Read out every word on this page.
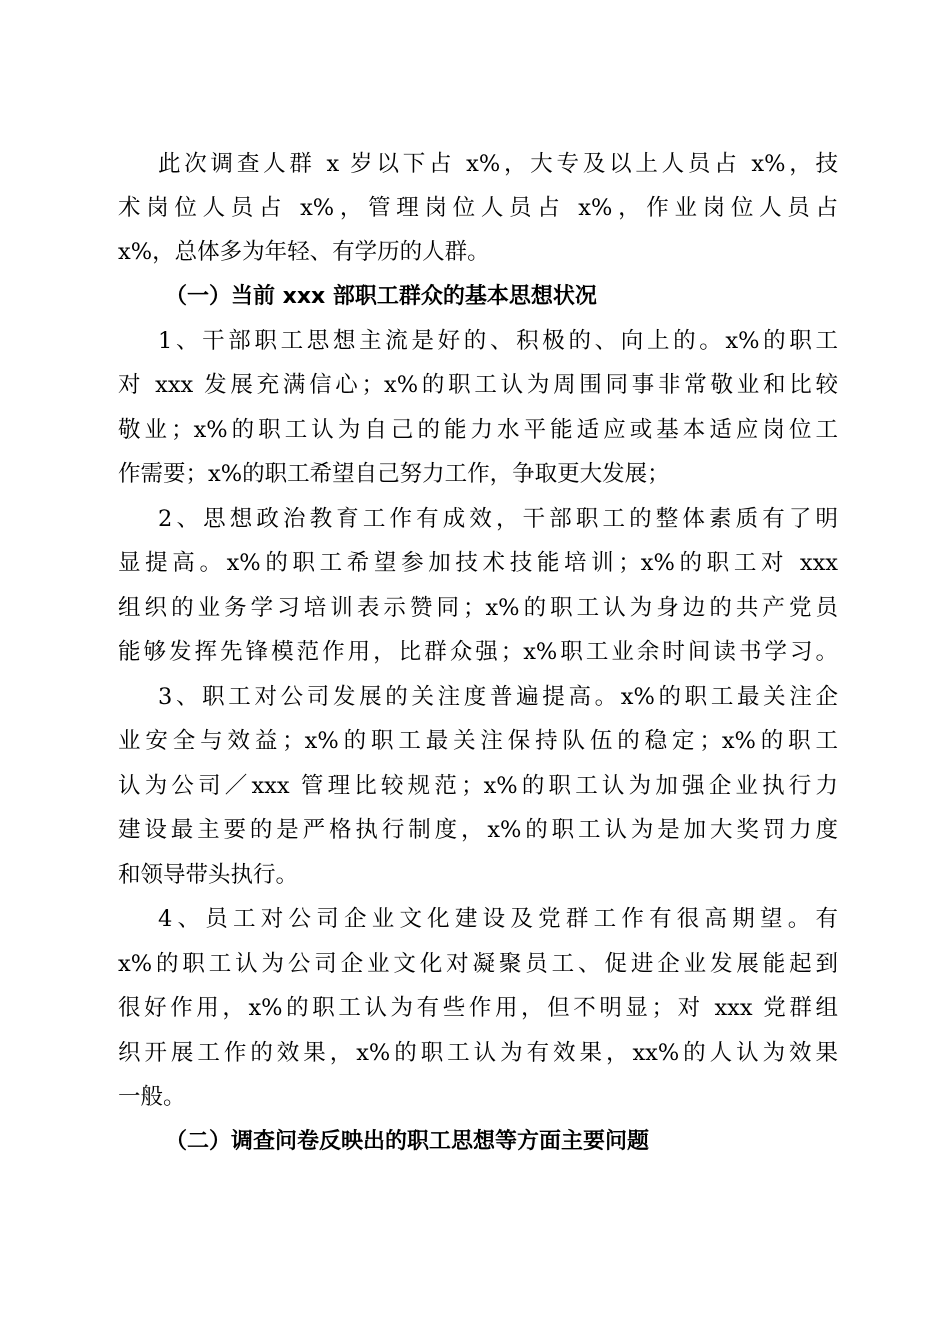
此次调查人群 x 岁以下占 x%，大专及以上人员占 x%，技
术岗位人员占 x%，管理岗位人员占 x%，作业岗位人员占
x%，总体多为年轻、有学历的人群。
（一）当前 xxx 部职工群众的基本思想状况
1、干部职工思想主流是好的、积极的、向上的。x%的职工
对 xxx 发展充满信心；x%的职工认为周围同事非常敬业和比较
敬业；x%的职工认为自己的能力水平能适应或基本适应岗位工
作需要；x%的职工希望自己努力工作，争取更大发展；
2、思想政治教育工作有成效，干部职工的整体素质有了明
显提高。x%的职工希望参加技术技能培训；x%的职工对 xxx
组织的业务学习培训表示赞同；x%的职工认为身边的共产党员
能够发挥先锋模范作用，比群众强；x%职工业余时间读书学习。
3、职工对公司发展的关注度普遍提高。x%的职工最关注企
业安全与效益；x%的职工最关注保持队伍的稳定；x%的职工
认为公司／xxx 管理比较规范；x%的职工认为加强企业执行力
建设最主要的是严格执行制度，x%的职工认为是加大奖罚力度
和领导带头执行。
4、员工对公司企业文化建设及党群工作有很高期望。有
x%的职工认为公司企业文化对凝聚员工、促进企业发展能起到
很好作用，x%的职工认为有些作用，但不明显；对 xxx 党群组
织开展工作的效果，x%的职工认为有效果，xx%的人认为效果
一般。
（二）调查问卷反映出的职工思想等方面主要问题
